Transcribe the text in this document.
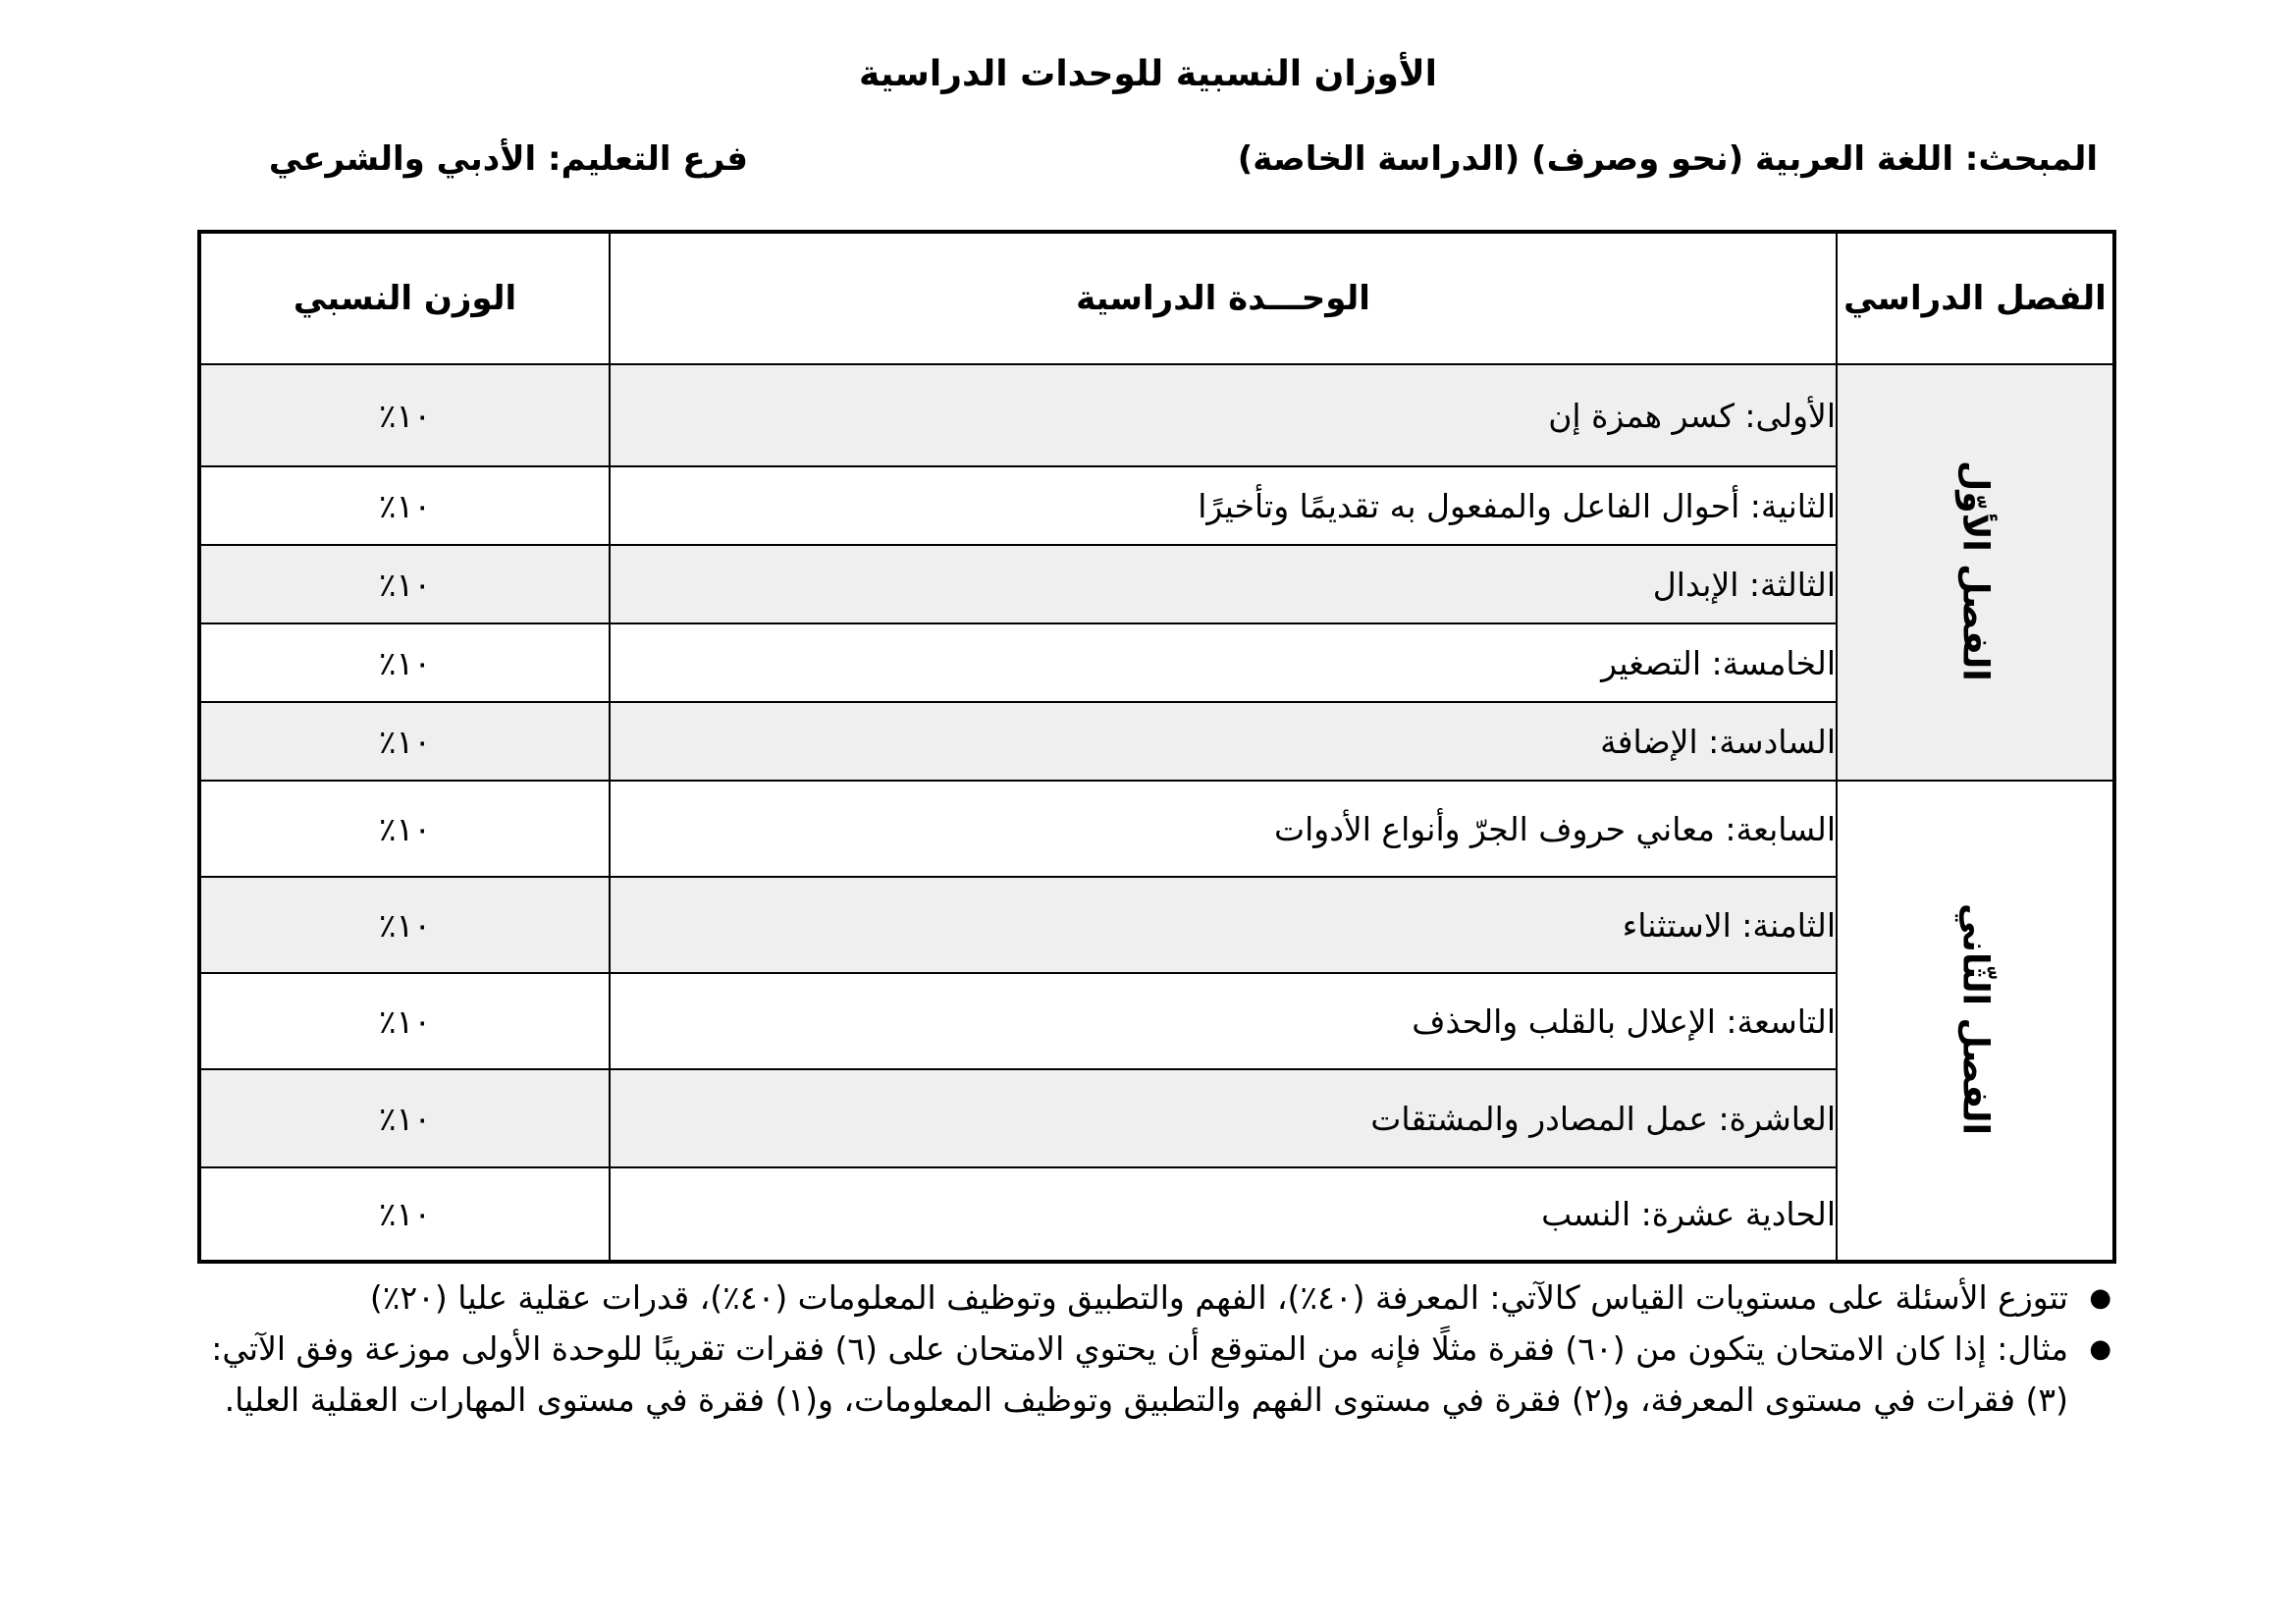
الأوزان النسبية للوحدات الدراسية
المبحث: اللغة العربية (نحو وصرف) (الدراسة الخاصة)
فرع التعليم: الأدبي والشرعي
الفصل الدراسي	الوحـــدة الدراسية	الوزن النسبي
الفصل الأوّل	الأولى: كسر همزة إن	١٠٪
	الثانية: أحوال الفاعل والمفعول به تقديمًا وتأخيرًا	١٠٪
	الثالثة: الإبدال	١٠٪
	الخامسة: التصغير	١٠٪
	السادسة: الإضافة	١٠٪
الفصل الثّاني	السابعة: معاني حروف الجرّ وأنواع الأدوات	١٠٪
	الثامنة: الاستثناء	١٠٪
	التاسعة: الإعلال بالقلب والحذف	١٠٪
	العاشرة: عمل المصادر والمشتقات	١٠٪
	الحادية عشرة: النسب	١٠٪

●
تتوزع الأسئلة على مستويات القياس كالآتي: المعرفة (٤٠٪)، الفهم والتطبيق وتوظيف المعلومات (٤٠٪)، قدرات عقلية عليا (٢٠٪)

●
مثال: إذا كان الامتحان يتكون من (٦٠) فقرة مثلًا فإنه من المتوقع أن يحتوي الامتحان على (٦) فقرات تقريبًا للوحدة الأولى موزعة وفق الآتي: (٣) فقرات في مستوى المعرفة، و(٢) فقرة في مستوى الفهم والتطبيق وتوظيف المعلومات، و(١) فقرة في مستوى المهارات العقلية العليا.
